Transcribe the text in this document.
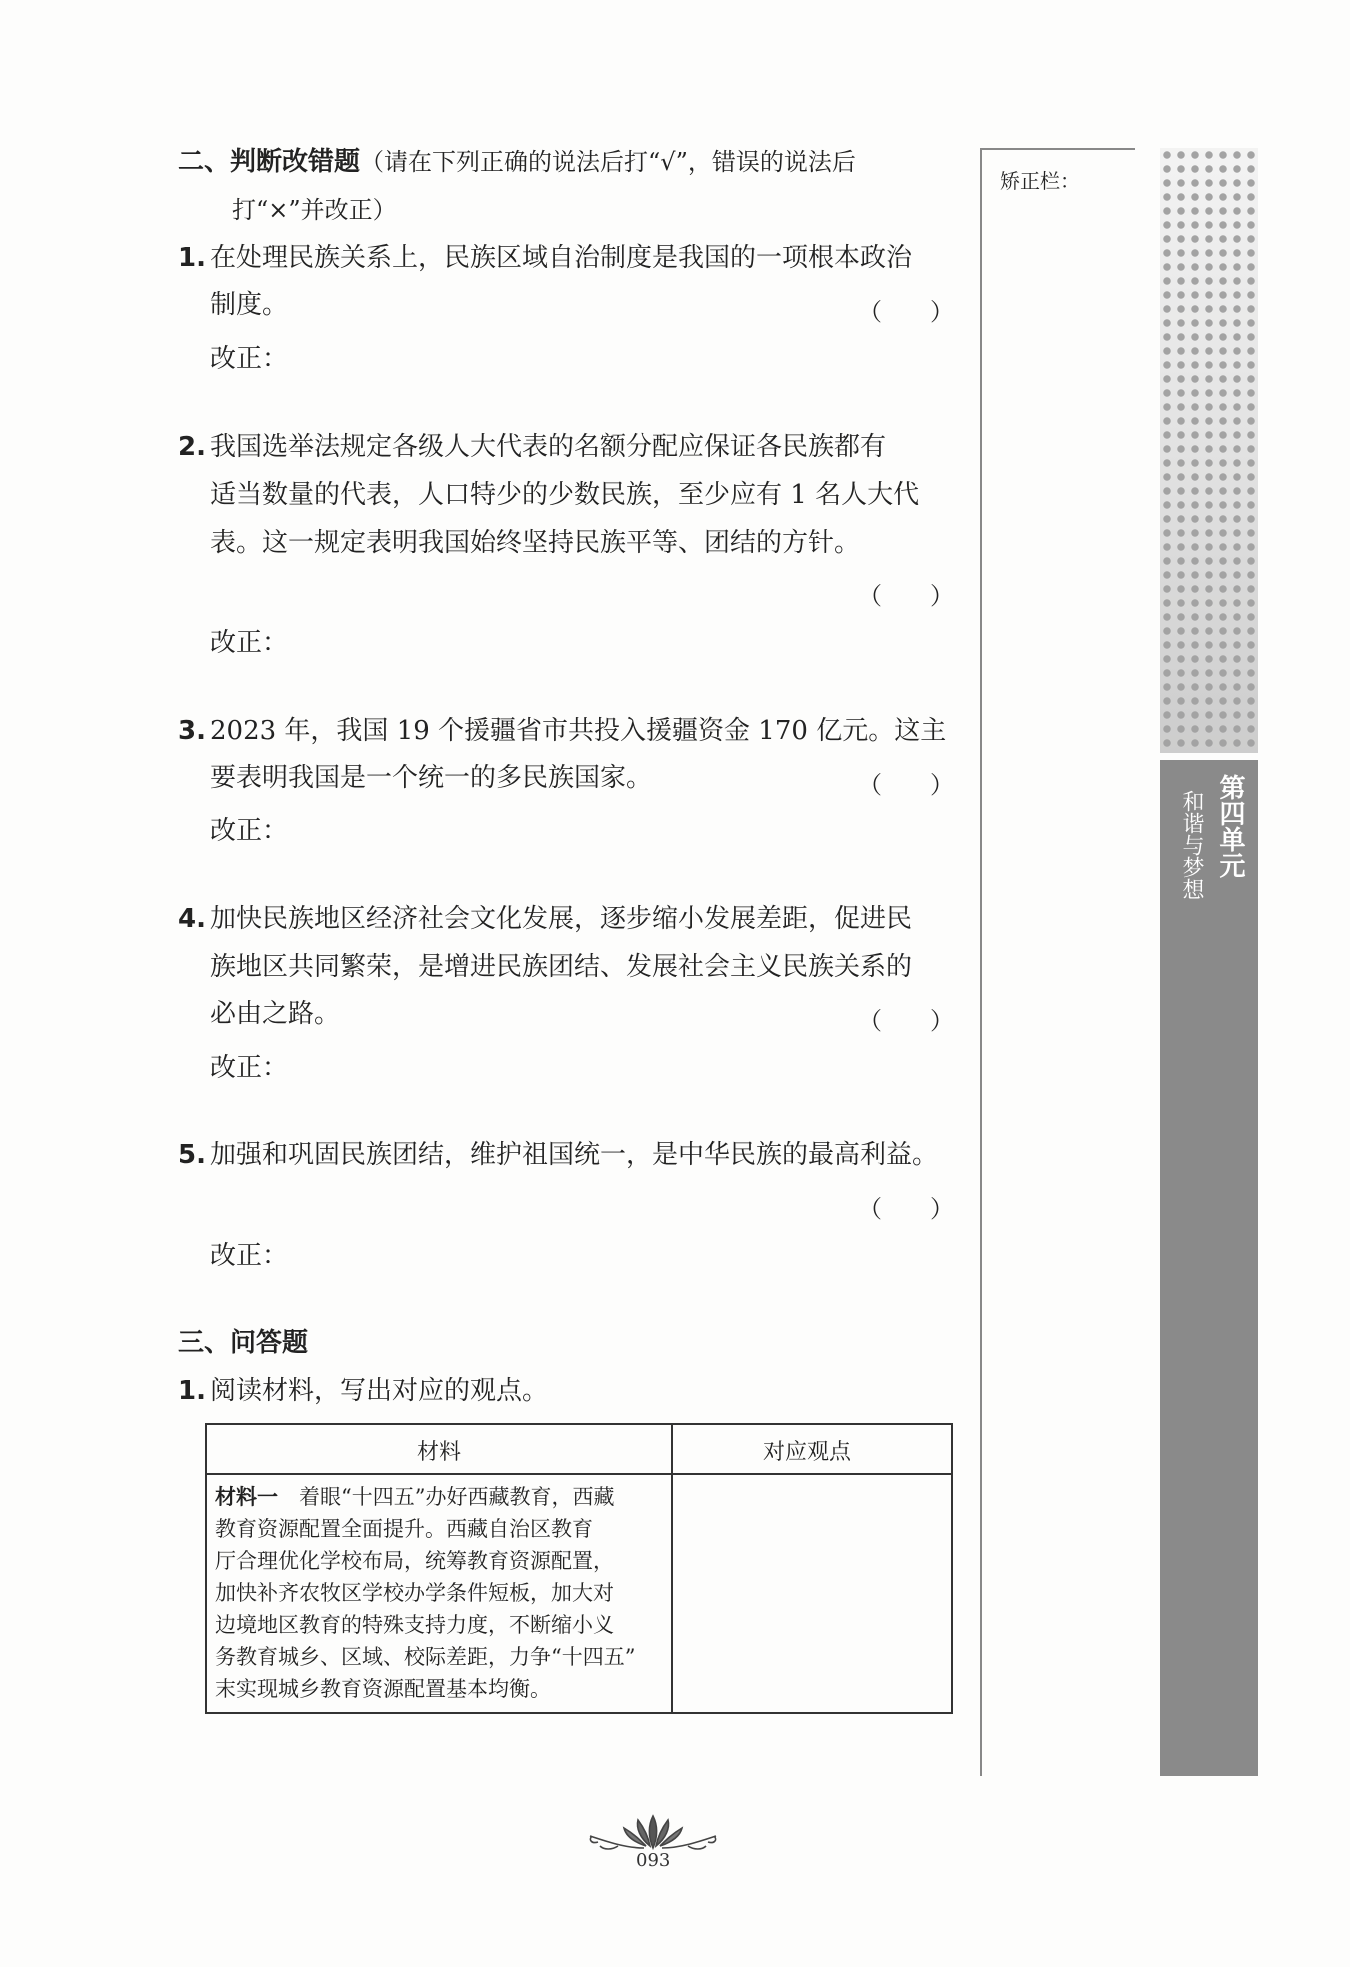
二、判断改错题（请在下列正确的说法后打“√”，错误的说法后
打“×”并改正）
1. 在处理民族关系上，民族区域自治制度是我国的一项根本政治
制度。	（　　）
改正：
2. 我国选举法规定各级人大代表的名额分配应保证各民族都有
适当数量的代表，人口特少的少数民族，至少应有 1 名人大代
表。这一规定表明我国始终坚持民族平等、团结的方针。
（　　）
改正：
3. 2023 年，我国 19 个援疆省市共投入援疆资金 170 亿元。这主
要表明我国是一个统一的多民族国家。	（　　）
改正：
4. 加快民族地区经济社会文化发展，逐步缩小发展差距，促进民
族地区共同繁荣，是增进民族团结、发展社会主义民族关系的
必由之路。	（　　）
改正：
5. 加强和巩固民族团结，维护祖国统一，是中华民族的最高利益。
（　　）
改正：
三、问答题
1. 阅读材料，写出对应的观点。
材料	对应观点
材料一　着眼“十四五”办好西藏教育，西藏
教育资源配置全面提升。西藏自治区教育
厅合理优化学校布局，统筹教育资源配置，
加快补齐农牧区学校办学条件短板，加大对
边境地区教育的特殊支持力度，不断缩小义
务教育城乡、区域、校际差距，力争“十四五”
末实现城乡教育资源配置基本均衡。
矫正栏：
第四单元
和谐与梦想
093
